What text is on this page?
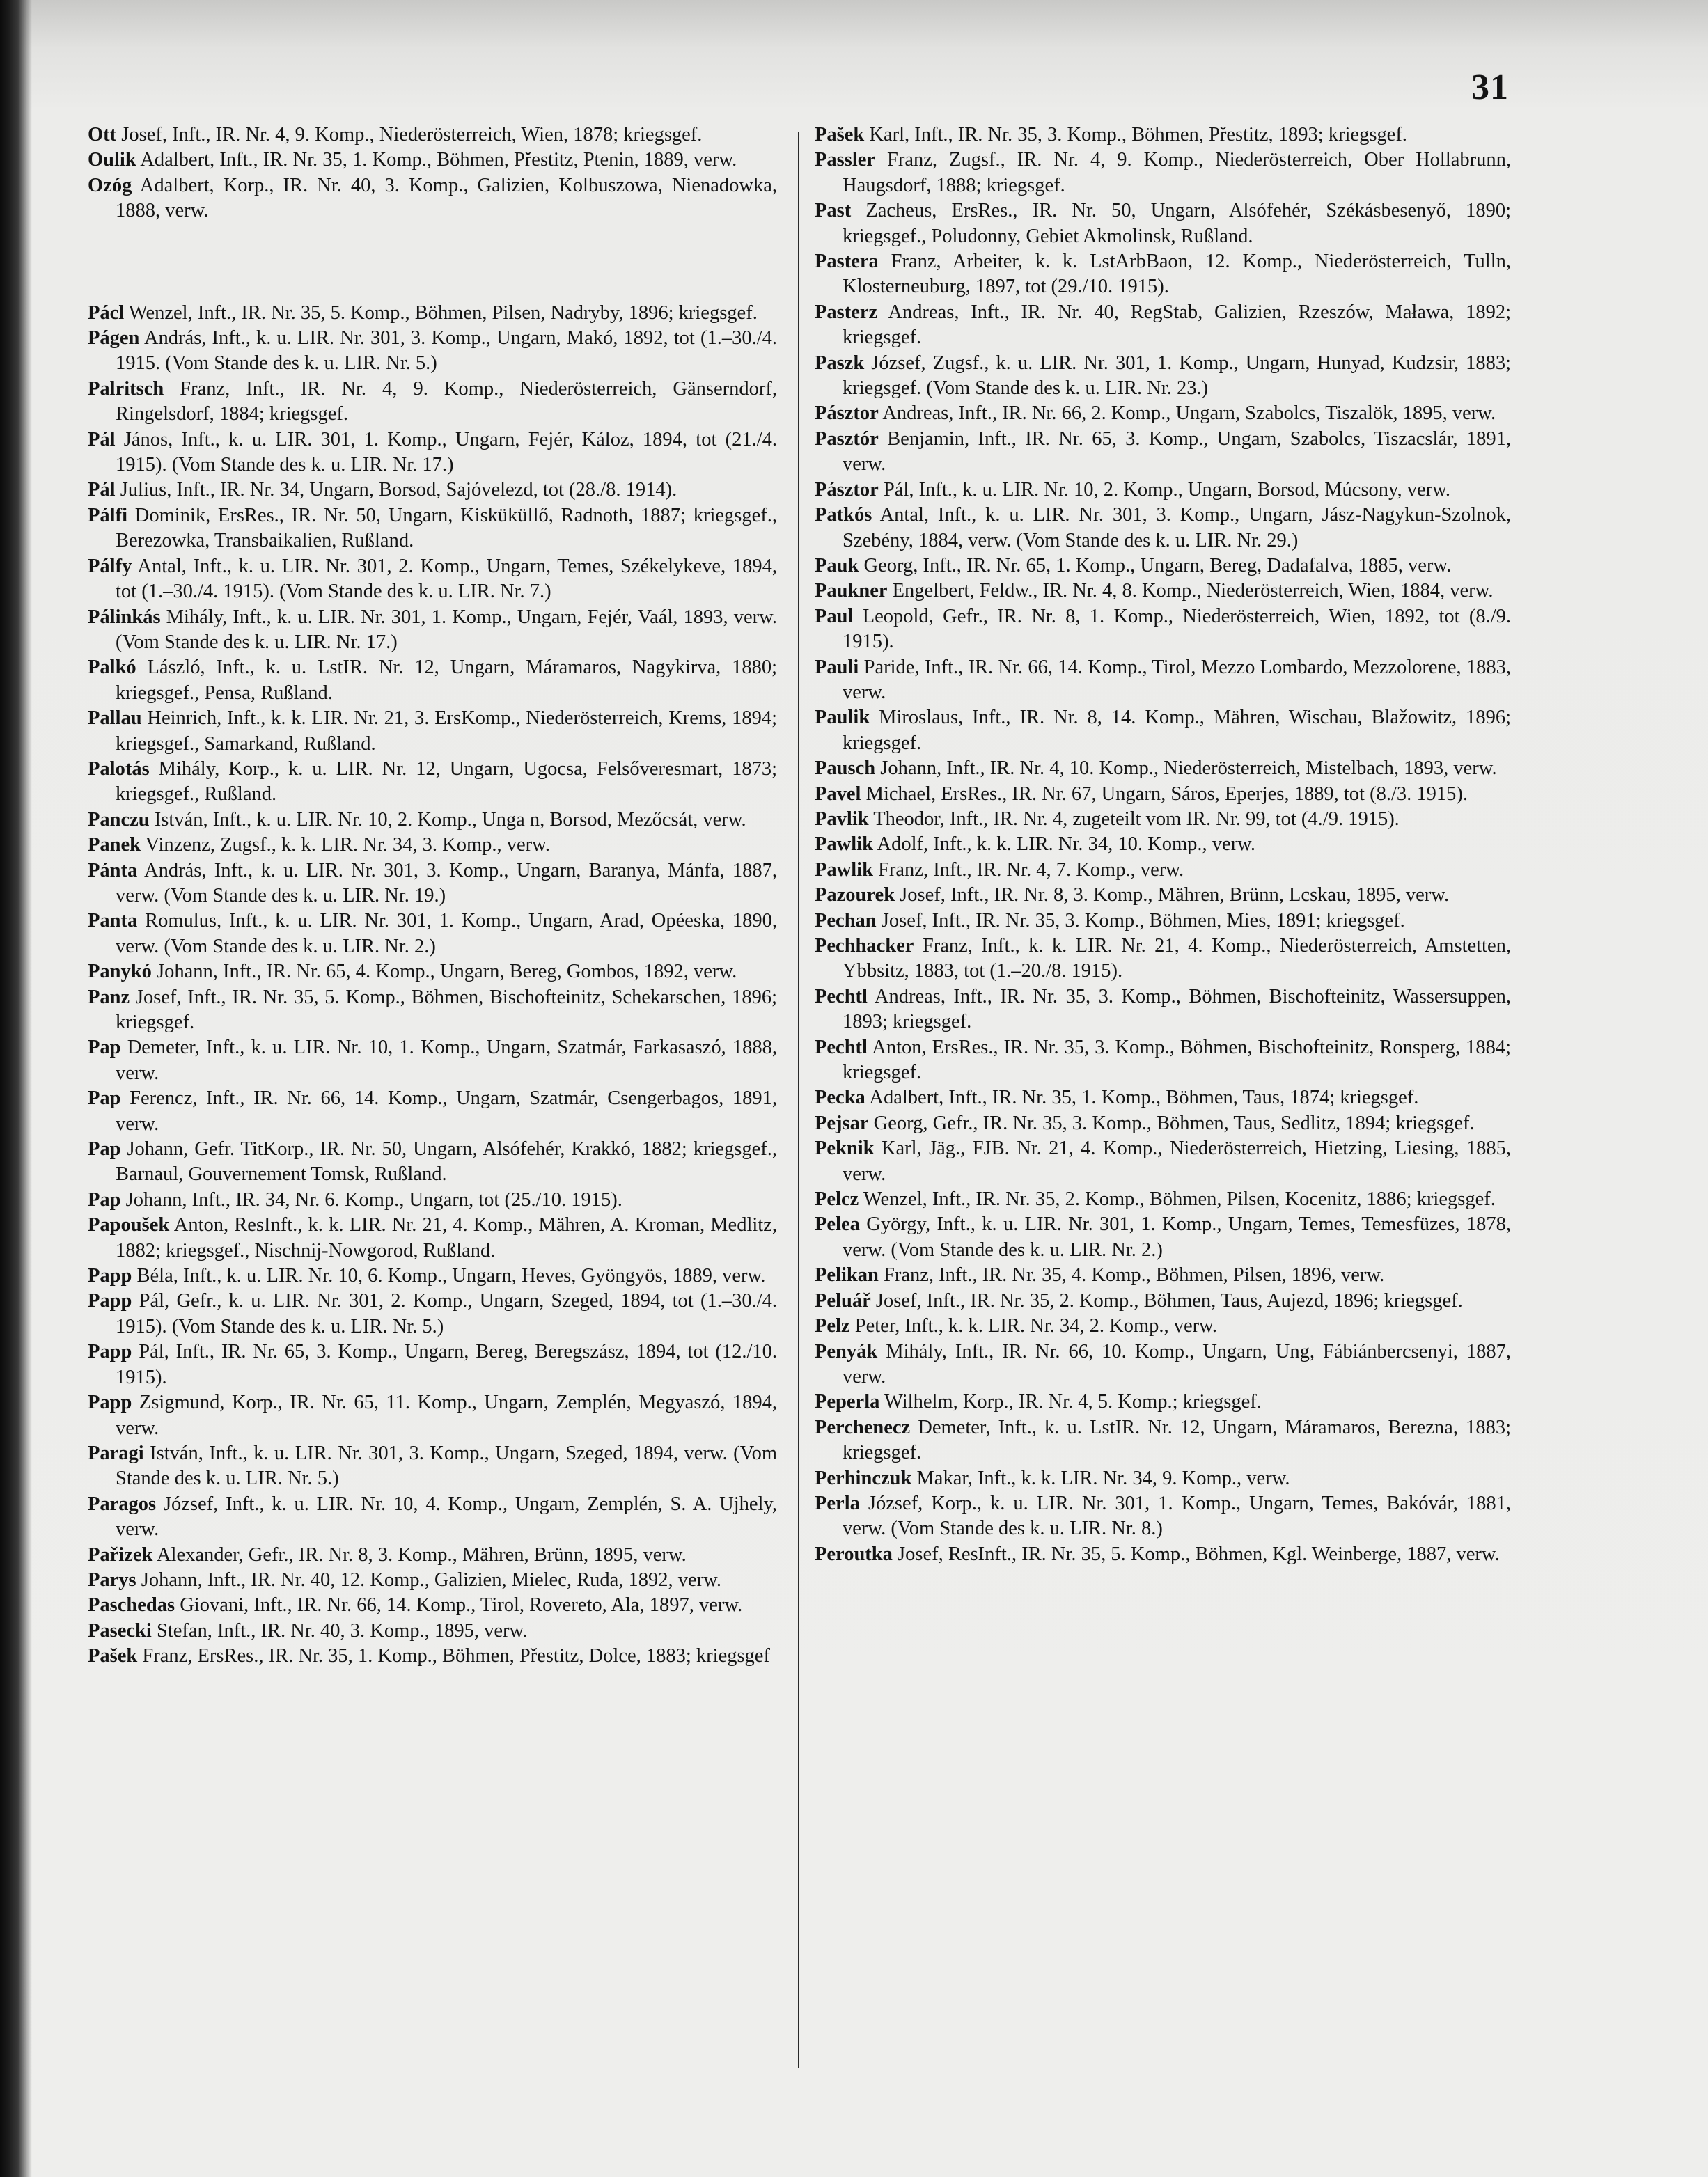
31

Ott Josef, Inft., IR. Nr. 4, 9. Komp., Niederösterreich, Wien, 1878; kriegsgef.

Oulik Adalbert, Inft., IR. Nr. 35, 1. Komp., Böhmen, Přestitz, Ptenin, 1889, verw.

Ozóg Adalbert, Korp., IR. Nr. 40, 3. Komp., Galizien, Kolbuszowa, Nienadowka, 1888, verw.

Pácl Wenzel, Inft., IR. Nr. 35, 5. Komp., Böhmen, Pilsen, Nadryby, 1896; kriegsgef.

Págen András, Inft., k. u. LIR. Nr. 301, 3. Komp., Ungarn, Makó, 1892, tot (1.–30./4. 1915. (Vom Stande des k. u. LIR. Nr. 5.)

Palritsch Franz, Inft., IR. Nr. 4, 9. Komp., Niederösterreich, Gänserndorf, Ringelsdorf, 1884; kriegsgef.

Pál János, Inft., k. u. LIR. 301, 1. Komp., Ungarn, Fejér, Káloz, 1894, tot (21./4. 1915). (Vom Stande des k. u. LIR. Nr. 17.)

Pál Julius, Inft., IR. Nr. 34, Ungarn, Borsod, Sajóvelezd, tot (28./8. 1914).

Pálfi Dominik, ErsRes., IR. Nr. 50, Ungarn, Kisküküllő, Radnoth, 1887; kriegsgef., Berezowka, Transbaikalien, Rußland.

Pálfy Antal, Inft., k. u. LIR. Nr. 301, 2. Komp., Ungarn, Temes, Székelykeve, 1894, tot (1.–30./4. 1915). (Vom Stande des k. u. LIR. Nr. 7.)

Pálinkás Mihály, Inft., k. u. LIR. Nr. 301, 1. Komp., Ungarn, Fejér, Vaál, 1893, verw. (Vom Stande des k. u. LIR. Nr. 17.)

Palkó László, Inft., k. u. LstIR. Nr. 12, Ungarn, Máramaros, Nagykirva, 1880; kriegsgef., Pensa, Rußland.

Pallau Heinrich, Inft., k. k. LIR. Nr. 21, 3. ErsKomp., Niederösterreich, Krems, 1894; kriegsgef., Samarkand, Rußland.

Palotás Mihály, Korp., k. u. LIR. Nr. 12, Ungarn, Ugocsa, Felsőveresmart, 1873; kriegsgef., Rußland.

Panczu István, Inft., k. u. LIR. Nr. 10, 2. Komp., Unga n, Borsod, Mezőcsát, verw.

Panek Vinzenz, Zugsf., k. k. LIR. Nr. 34, 3. Komp., verw.

Pánta András, Inft., k. u. LIR. Nr. 301, 3. Komp., Ungarn, Baranya, Mánfa, 1887, verw. (Vom Stande des k. u. LIR. Nr. 19.)

Panta Romulus, Inft., k. u. LIR. Nr. 301, 1. Komp., Ungarn, Arad, Opéeska, 1890, verw. (Vom Stande des k. u. LIR. Nr. 2.)

Panykó Johann, Inft., IR. Nr. 65, 4. Komp., Ungarn, Bereg, Gombos, 1892, verw.

Panz Josef, Inft., IR. Nr. 35, 5. Komp., Böhmen, Bischofteinitz, Schekarschen, 1896; kriegsgef.

Pap Demeter, Inft., k. u. LIR. Nr. 10, 1. Komp., Ungarn, Szatmár, Farkasaszó, 1888, verw.

Pap Ferencz, Inft., IR. Nr. 66, 14. Komp., Ungarn, Szatmár, Csengerbagos, 1891, verw.

Pap Johann, Gefr. TitKorp., IR. Nr. 50, Ungarn, Alsófehér, Krakkó, 1882; kriegsgef., Barnaul, Gouvernement Tomsk, Rußland.

Pap Johann, Inft., IR. 34, Nr. 6. Komp., Ungarn, tot (25./10. 1915).

Papoušek Anton, ResInft., k. k. LIR. Nr. 21, 4. Komp., Mähren, A. Kroman, Medlitz, 1882; kriegsgef., Nischnij-Nowgorod, Rußland.

Papp Béla, Inft., k. u. LIR. Nr. 10, 6. Komp., Ungarn, Heves, Gyöngyös, 1889, verw.

Papp Pál, Gefr., k. u. LIR. Nr. 301, 2. Komp., Ungarn, Szeged, 1894, tot (1.–30./4. 1915). (Vom Stande des k. u. LIR. Nr. 5.)

Papp Pál, Inft., IR. Nr. 65, 3. Komp., Ungarn, Bereg, Beregszász, 1894, tot (12./10. 1915).

Papp Zsigmund, Korp., IR. Nr. 65, 11. Komp., Ungarn, Zemplén, Megyaszó, 1894, verw.

Paragi István, Inft., k. u. LIR. Nr. 301, 3. Komp., Ungarn, Szeged, 1894, verw. (Vom Stande des k. u. LIR. Nr. 5.)

Paragos József, Inft., k. u. LIR. Nr. 10, 4. Komp., Ungarn, Zemplén, S. A. Ujhely, verw.

Pařizek Alexander, Gefr., IR. Nr. 8, 3. Komp., Mähren, Brünn, 1895, verw.

Parys Johann, Inft., IR. Nr. 40, 12. Komp., Galizien, Mielec, Ruda, 1892, verw.

Paschedas Giovani, Inft., IR. Nr. 66, 14. Komp., Tirol, Rovereto, Ala, 1897, verw.

Pasecki Stefan, Inft., IR. Nr. 40, 3. Komp., 1895, verw.

Pašek Franz, ErsRes., IR. Nr. 35, 1. Komp., Böhmen, Přestitz, Dolce, 1883; kriegsgef

Pašek Karl, Inft., IR. Nr. 35, 3. Komp., Böhmen, Přestitz, 1893; kriegsgef.

Passler Franz, Zugsf., IR. Nr. 4, 9. Komp., Niederösterreich, Ober Hollabrunn, Haugsdorf, 1888; kriegsgef.

Past Zacheus, ErsRes., IR. Nr. 50, Ungarn, Alsófehér, Székásbesenyő, 1890; kriegsgef., Poludonny, Gebiet Akmolinsk, Rußland.

Pastera Franz, Arbeiter, k. k. LstArbBaon, 12. Komp., Niederösterreich, Tulln, Klosterneuburg, 1897, tot (29./10. 1915).

Pasterz Andreas, Inft., IR. Nr. 40, RegStab, Galizien, Rzeszów, Maława, 1892; kriegsgef.

Paszk József, Zugsf., k. u. LIR. Nr. 301, 1. Komp., Ungarn, Hunyad, Kudzsir, 1883; kriegsgef. (Vom Stande des k. u. LIR. Nr. 23.)

Pásztor Andreas, Inft., IR. Nr. 66, 2. Komp., Ungarn, Szabolcs, Tiszalök, 1895, verw.

Pasztór Benjamin, Inft., IR. Nr. 65, 3. Komp., Ungarn, Szabolcs, Tiszacslár, 1891, verw.

Pásztor Pál, Inft., k. u. LIR. Nr. 10, 2. Komp., Ungarn, Borsod, Múcsony, verw.

Patkós Antal, Inft., k. u. LIR. Nr. 301, 3. Komp., Ungarn, Jász-Nagykun-Szolnok, Szebény, 1884, verw. (Vom Stande des k. u. LIR. Nr. 29.)

Pauk Georg, Inft., IR. Nr. 65, 1. Komp., Ungarn, Bereg, Dadafalva, 1885, verw.

Paukner Engelbert, Feldw., IR. Nr. 4, 8. Komp., Niederösterreich, Wien, 1884, verw.

Paul Leopold, Gefr., IR. Nr. 8, 1. Komp., Niederösterreich, Wien, 1892, tot (8./9. 1915).

Pauli Paride, Inft., IR. Nr. 66, 14. Komp., Tirol, Mezzo Lombardo, Mezzolorene, 1883, verw.

Paulik Miroslaus, Inft., IR. Nr. 8, 14. Komp., Mähren, Wischau, Blažowitz, 1896; kriegsgef.

Pausch Johann, Inft., IR. Nr. 4, 10. Komp., Niederösterreich, Mistelbach, 1893, verw.

Pavel Michael, ErsRes., IR. Nr. 67, Ungarn, Sáros, Eperjes, 1889, tot (8./3. 1915).

Pavlik Theodor, Inft., IR. Nr. 4, zugeteilt vom IR. Nr. 99, tot (4./9. 1915).

Pawlik Adolf, Inft., k. k. LIR. Nr. 34, 10. Komp., verw.

Pawlik Franz, Inft., IR. Nr. 4, 7. Komp., verw.

Pazourek Josef, Inft., IR. Nr. 8, 3. Komp., Mähren, Brünn, Lcskau, 1895, verw.

Pechan Josef, Inft., IR. Nr. 35, 3. Komp., Böhmen, Mies, 1891; kriegsgef.

Pechhacker Franz, Inft., k. k. LIR. Nr. 21, 4. Komp., Niederösterreich, Amstetten, Ybbsitz, 1883, tot (1.–20./8. 1915).

Pechtl Andreas, Inft., IR. Nr. 35, 3. Komp., Böhmen, Bischofteinitz, Wassersuppen, 1893; kriegsgef.

Pechtl Anton, ErsRes., IR. Nr. 35, 3. Komp., Böhmen, Bischofteinitz, Ronsperg, 1884; kriegsgef.

Pecka Adalbert, Inft., IR. Nr. 35, 1. Komp., Böhmen, Taus, 1874; kriegsgef.

Pejsar Georg, Gefr., IR. Nr. 35, 3. Komp., Böhmen, Taus, Sedlitz, 1894; kriegsgef.

Peknik Karl, Jäg., FJB. Nr. 21, 4. Komp., Niederösterreich, Hietzing, Liesing, 1885, verw.

Pelcz Wenzel, Inft., IR. Nr. 35, 2. Komp., Böhmen, Pilsen, Kocenitz, 1886; kriegsgef.

Pelea György, Inft., k. u. LIR. Nr. 301, 1. Komp., Ungarn, Temes, Temesfüzes, 1878, verw. (Vom Stande des k. u. LIR. Nr. 2.)

Pelikan Franz, Inft., IR. Nr. 35, 4. Komp., Böhmen, Pilsen, 1896, verw.

Peluář Josef, Inft., IR. Nr. 35, 2. Komp., Böhmen, Taus, Aujezd, 1896; kriegsgef.

Pelz Peter, Inft., k. k. LIR. Nr. 34, 2. Komp., verw.

Penyák Mihály, Inft., IR. Nr. 66, 10. Komp., Ungarn, Ung, Fábiánbercsenyi, 1887, verw.

Peperla Wilhelm, Korp., IR. Nr. 4, 5. Komp.; kriegsgef.

Perchenecz Demeter, Inft., k. u. LstIR. Nr. 12, Ungarn, Máramaros, Berezna, 1883; kriegsgef.

Perhinczuk Makar, Inft., k. k. LIR. Nr. 34, 9. Komp., verw.

Perla József, Korp., k. u. LIR. Nr. 301, 1. Komp., Ungarn, Temes, Bakóvár, 1881, verw. (Vom Stande des k. u. LIR. Nr. 8.)

Peroutka Josef, ResInft., IR. Nr. 35, 5. Komp., Böhmen, Kgl. Weinberge, 1887, verw.
